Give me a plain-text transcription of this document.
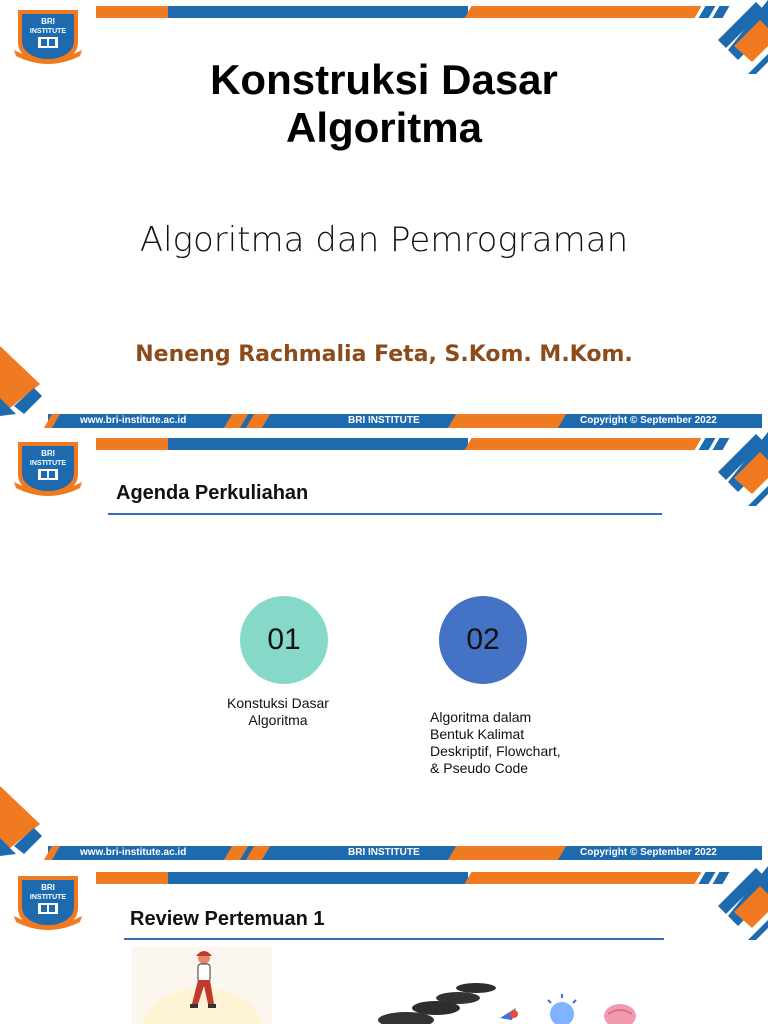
BRI
INSTITUTE
Konstruksi Dasar
Algoritma
Algoritma dan Pemrograman
Neneng Rachmalia Feta, S.Kom. M.Kom.
www.bri-institute.ac.id	BRI INSTITUTE	Copyright © September 2022
BRI
INSTITUTE
Agenda Perkuliahan
01	02
Konstuksi Dasar
Algoritma	Algoritma dalam
Bentuk Kalimat
Deskriptif, Flowchart,
& Pseudo Code
www.bri-institute.ac.id	BRI INSTITUTE	Copyright © September 2022
BRI
INSTITUTE
Review Pertemuan 1
